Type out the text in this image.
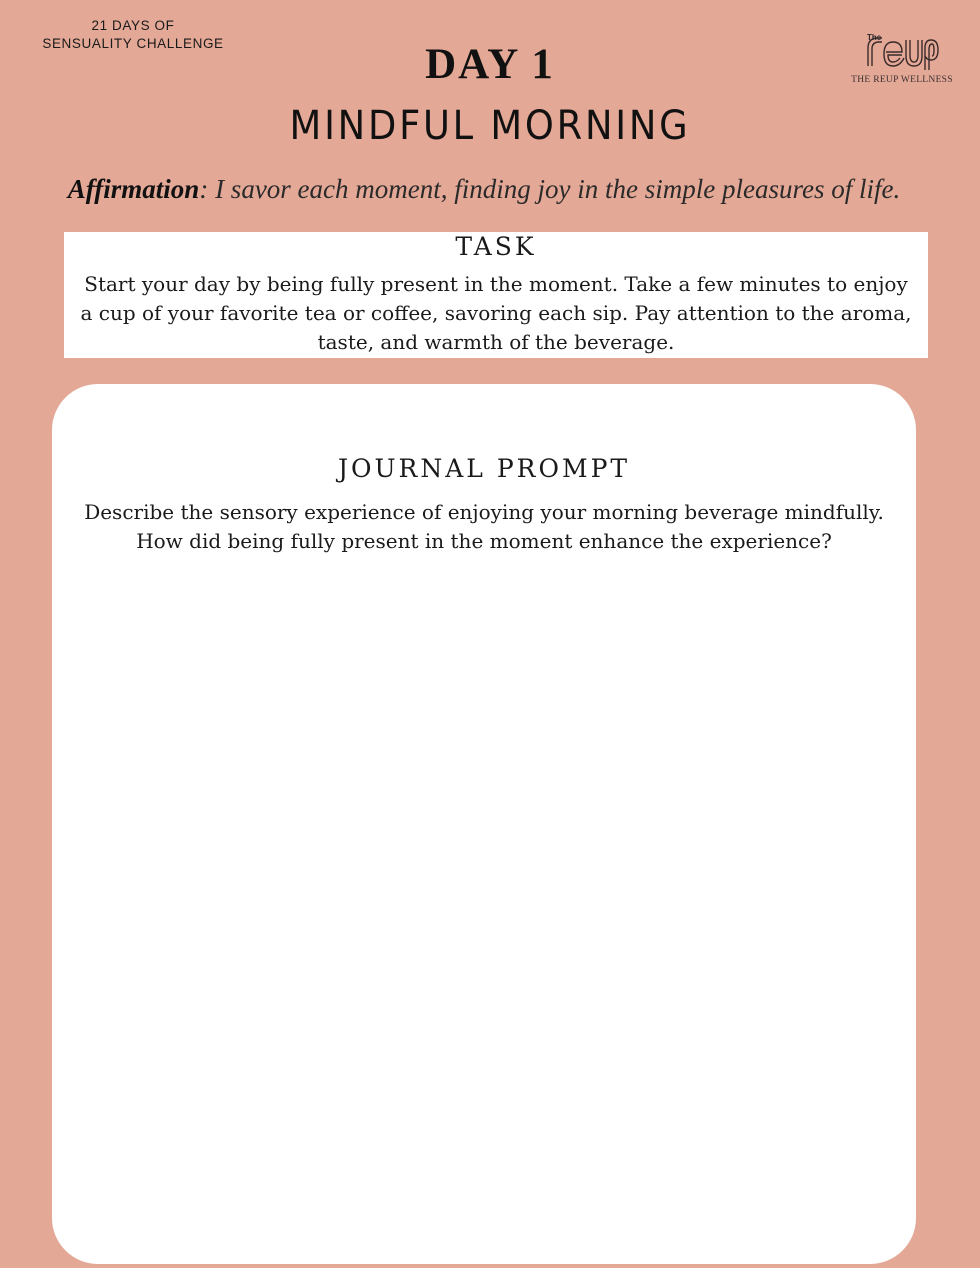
21 DAYS OF
SENSUALITY CHALLENGE	The
THE REUP WELLNESS
DAY 1
MINDFUL MORNING
Affirmation: I savor each moment, finding joy in the simple pleasures of life.
TASK
Start your day by being fully present in the moment. Take a few minutes to enjoy a cup of your favorite tea or coffee, savoring each sip. Pay attention to the aroma, taste, and warmth of the beverage.
JOURNAL PROMPT
Describe the sensory experience of enjoying your morning beverage mindfully. How did being fully present in the moment enhance the experience?
